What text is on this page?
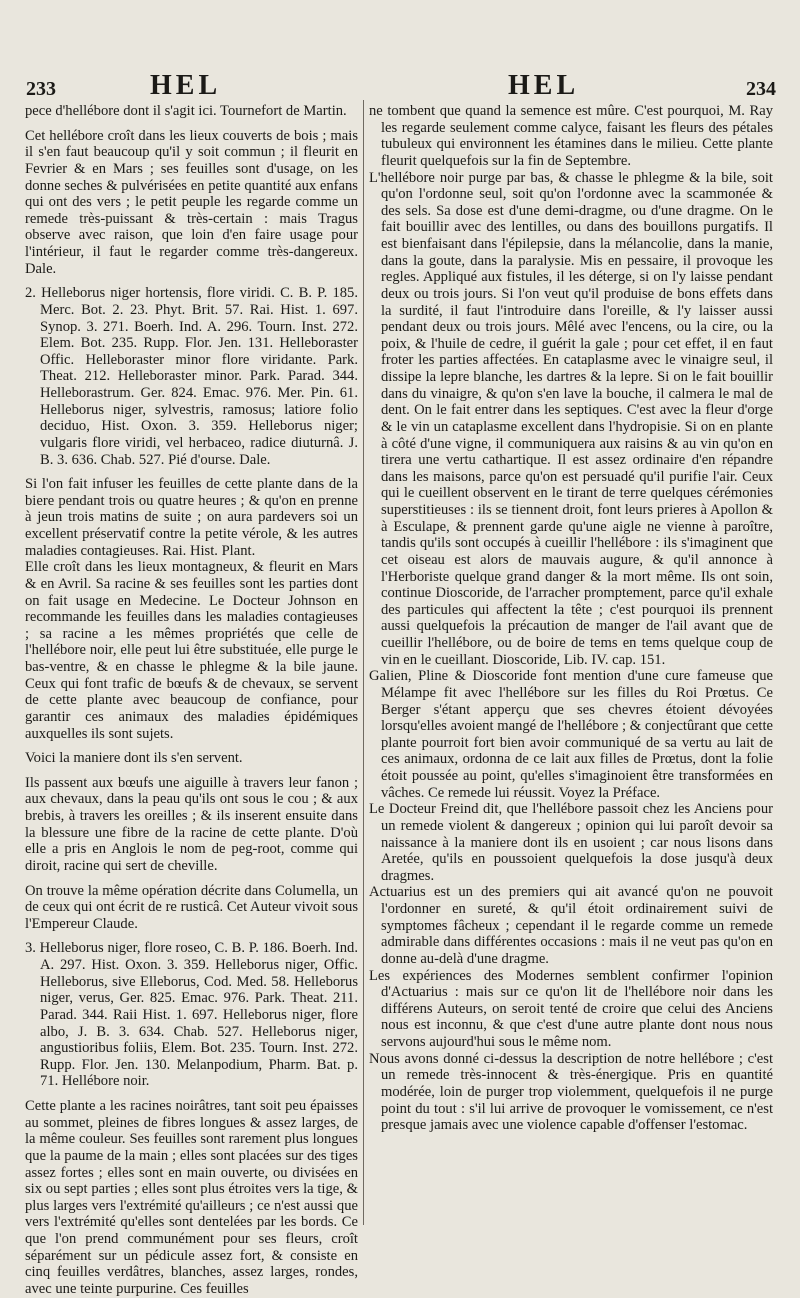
233	HEL	HEL	234

pece d'hellébore dont il s'agit ici. Tournefort de Martin.

Cet hellébore croît dans les lieux couverts de bois ; mais il s'en faut beaucoup qu'il y soit commun ; il fleurit en Fevrier & en Mars ; ses feuilles sont d'usage, on les donne seches & pulvérisées en petite quantité aux enfans qui ont des vers ; le petit peuple les regarde comme un remede très-puissant & très-certain : mais Tragus observe avec raison, que loin d'en faire usage pour l'intérieur, il faut le regarder comme très-dangereux. Dale.

2. Helleborus niger hortensis, flore viridi. C. B. P. 185. Merc. Bot. 2. 23. Phyt. Brit. 57. Rai. Hist. 1. 697. Synop. 3. 271. Boerh. Ind. A. 296. Tourn. Inst. 272. Elem. Bot. 235. Rupp. Flor. Jen. 131. Helleboraster Offic. Helleboraster minor flore viridante. Park. Theat. 212. Helleboraster minor. Park. Parad. 344. Helleborastrum. Ger. 824. Emac. 976. Mer. Pin. 61. Helleborus niger, sylvestris, ramosus; latiore folio deciduo, Hist. Oxon. 3. 359. Helleborus niger; vulgaris flore viridi, vel herbaceo, radice diuturnâ. J. B. 3. 636. Chab. 527. Pié d'ourse. Dale.

Si l'on fait infuser les feuilles de cette plante dans de la biere pendant trois ou quatre heures ; & qu'on en prenne à jeun trois matins de suite ; on aura pardevers soi un excellent préservatif contre la petite vérole, & les autres maladies contagieuses. Rai. Hist. Plant.

Elle croît dans les lieux montagneux, & fleurit en Mars & en Avril. Sa racine & ses feuilles sont les parties dont on fait usage en Medecine. Le Docteur Johnson en recommande les feuilles dans les maladies contagieuses ; sa racine a les mêmes propriétés que celle de l'hellébore noir, elle peut lui être substituée, elle purge le bas-ventre, & en chasse le phlegme & la bile jaune. Ceux qui font trafic de bœufs & de chevaux, se servent de cette plante avec beaucoup de confiance, pour garantir ces animaux des maladies épidémiques auxquelles ils sont sujets.

Voici la maniere dont ils s'en servent.

Ils passent aux bœufs une aiguille à travers leur fanon ; aux chevaux, dans la peau qu'ils ont sous le cou ; & aux brebis, à travers les oreilles ; & ils inserent ensuite dans la blessure une fibre de la racine de cette plante. D'où elle a pris en Anglois le nom de peg-root, comme qui diroit, racine qui sert de cheville.

On trouve la même opération décrite dans Columella, un de ceux qui ont écrit de re rusticâ. Cet Auteur vivoit sous l'Empereur Claude.

3. Helleborus niger, flore roseo, C. B. P. 186. Boerh. Ind. A. 297. Hist. Oxon. 3. 359. Helleborus niger, Offic. Helleborus, sive Elleborus, Cod. Med. 58. Helleborus niger, verus, Ger. 825. Emac. 976. Park. Theat. 211. Parad. 344. Raii Hist. 1. 697. Helleborus niger, flore albo, J. B. 3. 634. Chab. 527. Helleborus niger, angustioribus foliis, Elem. Bot. 235. Tourn. Inst. 272. Rupp. Flor. Jen. 130. Melanpodium, Pharm. Bat. p. 71. Hellébore noir.

Cette plante a les racines noirâtres, tant soit peu épaisses au sommet, pleines de fibres longues & assez larges, de la même couleur. Ses feuilles sont rarement plus longues que la paume de la main ; elles sont placées sur des tiges assez fortes ; elles sont en main ouverte, ou divisées en six ou sept parties ; elles sont plus étroites vers la tige, & plus larges vers l'extrémité qu'ailleurs ; ce n'est aussi que vers l'extrémité qu'elles sont dentelées par les bords. Ce que l'on prend communément pour ses fleurs, croît séparément sur un pédicule assez fort, & consiste en cinq feuilles verdâtres, blanches, assez larges, rondes, avec une teinte purpurine. Ces feuilles

ne tombent que quand la semence est mûre. C'est pourquoi, M. Ray les regarde seulement comme calyce, faisant les fleurs des pétales tubuleux qui environnent les étamines dans le milieu. Cette plante fleurit quelquefois sur la fin de Septembre.

L'hellébore noir purge par bas, & chasse le phlegme & la bile, soit qu'on l'ordonne seul, soit qu'on l'ordonne avec la scammonée & des sels. Sa dose est d'une demi-dragme, ou d'une dragme. On le fait bouillir avec des lentilles, ou dans des bouillons purgatifs. Il est bienfaisant dans l'épilepsie, dans la mélancolie, dans la manie, dans la goute, dans la paralysie. Mis en pessaire, il provoque les regles. Appliqué aux fistules, il les déterge, si on l'y laisse pendant deux ou trois jours. Si l'on veut qu'il produise de bons effets dans la surdité, il faut l'introduire dans l'oreille, & l'y laisser aussi pendant deux ou trois jours. Mêlé avec l'encens, ou la cire, ou la poix, & l'huile de cedre, il guérit la gale ; pour cet effet, il en faut froter les parties affectées. En cataplasme avec le vinaigre seul, il dissipe la lepre blanche, les dartres & la lepre. Si on le fait bouillir dans du vinaigre, & qu'on s'en lave la bouche, il calmera le mal de dent. On le fait entrer dans les septiques. C'est avec la fleur d'orge & le vin un cataplasme excellent dans l'hydropisie. Si on en plante à côté d'une vigne, il communiquera aux raisins & au vin qu'on en tirera une vertu cathartique. Il est assez ordinaire d'en répandre dans les maisons, parce qu'on est persuadé qu'il purifie l'air. Ceux qui le cueillent observent en le tirant de terre quelques cérémonies superstitieuses : ils se tiennent droit, font leurs prieres à Apollon & à Esculape, & prennent garde qu'une aigle ne vienne à paroître, tandis qu'ils sont occupés à cueillir l'hellébore : ils s'imaginent que cet oiseau est alors de mauvais augure, & qu'il annonce à l'Herboriste quelque grand danger & la mort même. Ils ont soin, continue Dioscoride, de l'arracher promptement, parce qu'il exhale des particules qui affectent la tête ; c'est pourquoi ils prennent aussi quelquefois la précaution de manger de l'ail avant que de cueillir l'hellébore, ou de boire de tems en tems quelque coup de vin en le cueillant. Dioscoride, Lib. IV. cap. 151.

Galien, Pline & Dioscoride font mention d'une cure fameuse que Mélampe fit avec l'hellébore sur les filles du Roi Prœtus. Ce Berger s'étant apperçu que ses chevres étoient dévoyées lorsqu'elles avoient mangé de l'hellébore ; & conjectûrant que cette plante pourroit fort bien avoir communiqué de sa vertu au lait de ces animaux, ordonna de ce lait aux filles de Prœtus, dont la folie étoit poussée au point, qu'elles s'imaginoient être transformées en vâches. Ce remede lui réussit. Voyez la Préface.

Le Docteur Freind dit, que l'hellébore passoit chez les Anciens pour un remede violent & dangereux ; opinion qui lui paroît devoir sa naissance à la maniere dont ils en usoient ; car nous lisons dans Aretée, qu'ils en poussoient quelquefois la dose jusqu'à deux dragmes.

Actuarius est un des premiers qui ait avancé qu'on ne pouvoit l'ordonner en sureté, & qu'il étoit ordinairement suivi de symptomes fâcheux ; cependant il le regarde comme un remede admirable dans différentes occasions : mais il ne veut pas qu'on en donne au-delà d'une dragme.

Les expériences des Modernes semblent confirmer l'opinion d'Actuarius : mais sur ce qu'on lit de l'hellébore noir dans les différens Auteurs, on seroit tenté de croire que celui des Anciens nous est inconnu, & que c'est d'une autre plante dont nous nous servons aujourd'hui sous le même nom.

Nous avons donné ci-dessus la description de notre hellébore ; c'est un remede très-innocent & très-énergique. Pris en quantité modérée, loin de purger trop violemment, quelquefois il ne purge point du tout : s'il lui arrive de provoquer le vomissement, ce n'est presque jamais avec une violence capable d'offenser l'estomac.
